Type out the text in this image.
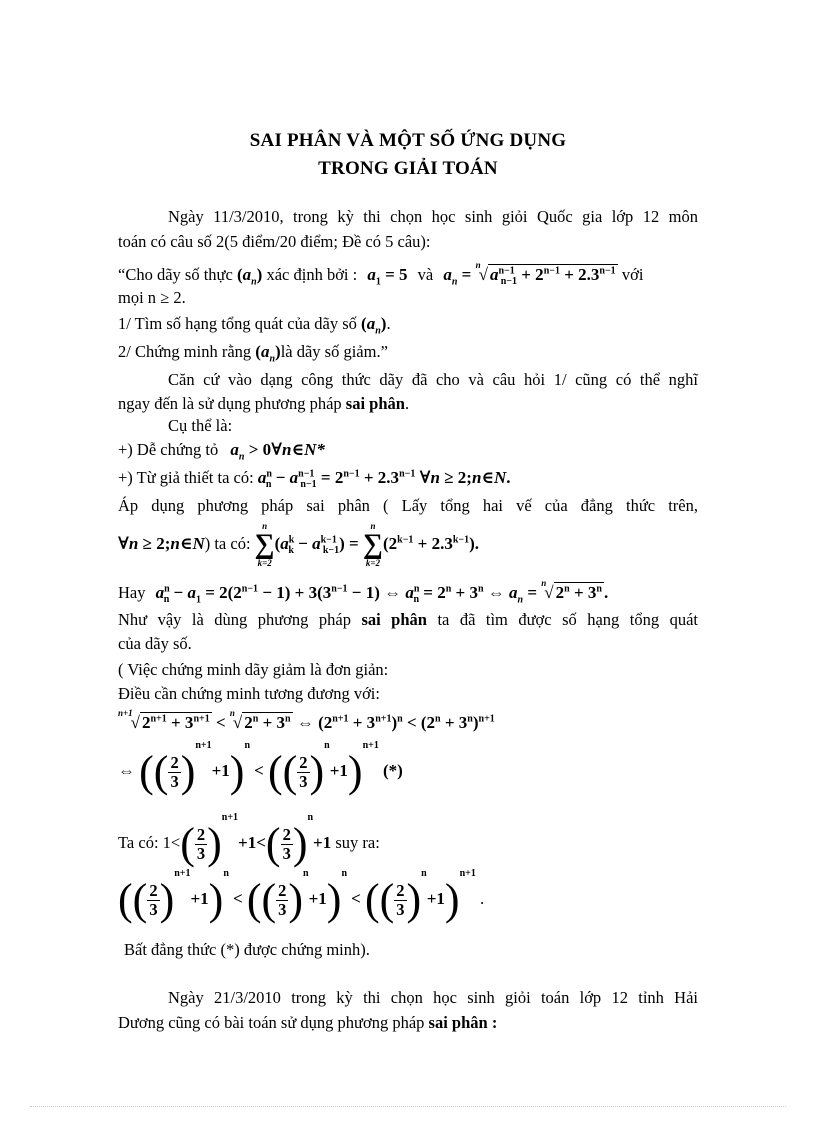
SAI PHÂN VÀ MỘT SỐ ỨNG DỤNG
TRONG GIẢI TOÁN
Ngày 11/3/2010, trong kỳ thi chọn học sinh giỏi Quốc gia lớp 12 môn
toán có câu số 2(5 điểm/20 điểm; Đề có 5 câu):
“Cho dãy số thực $(a_n)$ xác định bởi : $a_1 = 5$ và $a_n = ^n√$ $a^{n-1}_{n-1} + 2^{n-1} + 2.3^{n-1}$ với
mọi n ≥ 2.
1/ Tìm số hạng tổng quát của dãy số $(a_n)$.
2/ Chứng minh rằng $(a_n)là$ dãy số giảm.”
Căn cứ vào dạng công thức dãy đã cho và câu hỏi 1/ cũng có thể nghĩ
ngay đến là sử dụng phương pháp sai phân.
Cụ thể là:
+) Dễ chứng tỏ $a_n$ > 0∀n∈N*
+) Từ giả thiết ta có: $a^n_n - a^{n-1}_{n-1} = 2^{n-1} + 2.3^{n-1}$ ∀n ≥ 2;n∈N.
Áp dụng phương pháp sai phân ( Lấy tổng hai vế của đẳng thức trên,
∀n ≥ 2;n∈N) ta có:
n
∑
k=2
$(a^k_k - a^{k-1}_{k-1})$ =
n
∑
k=2
$(2^{k-1} + 2.3^{k-1})$.
Hay $a^n_n - a_1 = 2(2^{n-1} - 1) + 3(3^{n-1} - 1)$ ⇔ $a^n_n = 2^n + 3^n$ ⇔ $a_n = ^n√$ $2^n + 3^n$ .
Như vậy là dùng phương pháp sai phân ta đã tìm được số hạng tổng quát
của dãy số.
( Việc chứng minh dãy giảm là đơn giản:
Điều cần chứng minh tương đương với:
$^{n+1}$√ $2^{n+1} + 3^{n+1} < ^n√$ $2^n + 3^n$ ⇔ $(2^{n+1} + 3^{n+1})^n < (2^n + 3^n)^{n+1}$
⇔ (( $\frac{2}{3} )^{n+1}+1)^n$ < (( $\frac{2}{3} )^n+1)^{n+1}$ (*)
Ta có: $1<( \frac{2}{3} )^{n+1}+1<( \frac{2}{3} )^n+1$ suy ra:
(( $\frac{2}{3} )^{n+1}+1)^n$ < (( $\frac{2}{3} )^n+1)^n$ < (( $\frac{2}{3} )^n+1)^{n+1}$ .
Bất đẳng thức (*) được chứng minh).
Ngày 21/3/2010 trong kỳ thi chọn học sinh giỏi toán lớp 12 tỉnh Hải
Dương cũng có bài toán sử dụng phương pháp sai phân :
